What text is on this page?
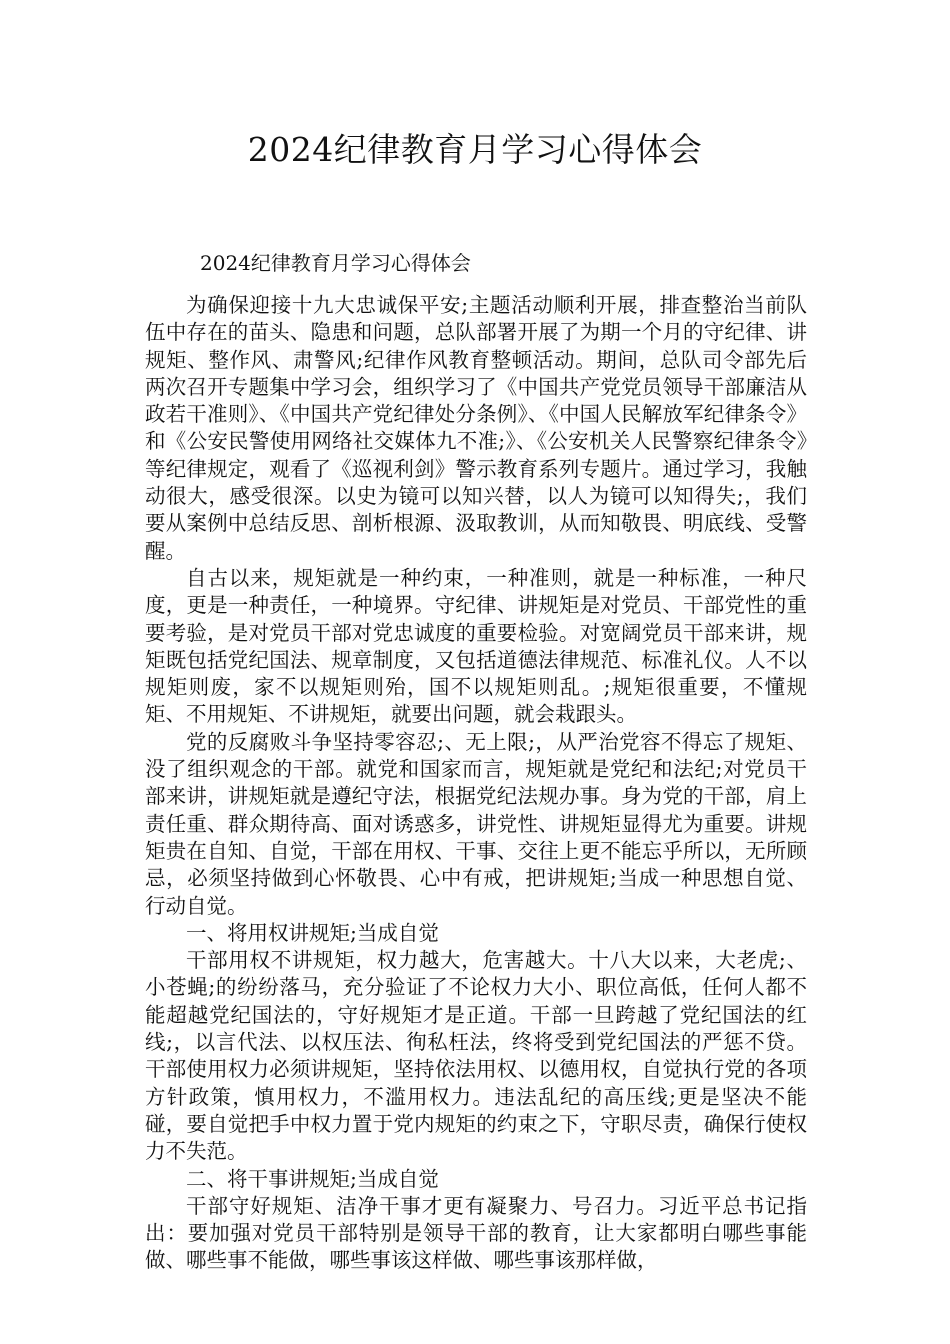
2024纪律教育月学习心得体会

2024纪律教育月学习心得体会

为确保迎接十九大忠诚保平安;主题活动顺利开展，排查整治当前队伍中存在的苗头、隐患和问题，总队部署开展了为期一个月的守纪律、讲规矩、整作风、肃警风;纪律作风教育整顿活动。期间，总队司令部先后两次召开专题集中学习会，组织学习了《中国共产党党员领导干部廉洁从政若干准则》、《中国共产党纪律处分条例》、《中国人民解放军纪律条令》和《公安民警使用网络社交媒体九不准;》、《公安机关人民警察纪律条令》等纪律规定，观看了《巡视利剑》警示教育系列专题片。通过学习，我触动很大，感受很深。以史为镜可以知兴替，以人为镜可以知得失;，我们要从案例中总结反思、剖析根源、汲取教训，从而知敬畏、明底线、受警醒。

自古以来，规矩就是一种约束，一种准则，就是一种标准，一种尺度，更是一种责任，一种境界。守纪律、讲规矩是对党员、干部党性的重要考验，是对党员干部对党忠诚度的重要检验。对宽阔党员干部来讲，规矩既包括党纪国法、规章制度，又包括道德法律规范、标准礼仪。人不以规矩则废，家不以规矩则殆，国不以规矩则乱。;规矩很重要，不懂规矩、不用规矩、不讲规矩，就要出问题，就会栽跟头。

党的反腐败斗争坚持零容忍;、无上限;，从严治党容不得忘了规矩、没了组织观念的干部。就党和国家而言，规矩就是党纪和法纪;对党员干部来讲，讲规矩就是遵纪守法，根据党纪法规办事。身为党的干部，肩上责任重、群众期待高、面对诱惑多，讲党性、讲规矩显得尤为重要。讲规矩贵在自知、自觉，干部在用权、干事、交往上更不能忘乎所以，无所顾忌，必须坚持做到心怀敬畏、心中有戒，把讲规矩;当成一种思想自觉、行动自觉。

一、将用权讲规矩;当成自觉

干部用权不讲规矩，权力越大，危害越大。十八大以来，大老虎;、小苍蝇;的纷纷落马，充分验证了不论权力大小、职位高低，任何人都不能超越党纪国法的，守好规矩才是正道。干部一旦跨越了党纪国法的红线;，以言代法、以权压法、徇私枉法，终将受到党纪国法的严惩不贷。干部使用权力必须讲规矩，坚持依法用权、以德用权，自觉执行党的各项方针政策，慎用权力，不滥用权力。违法乱纪的高压线;更是坚决不能碰，要自觉把手中权力置于党内规矩的约束之下，守职尽责，确保行使权力不失范。

二、将干事讲规矩;当成自觉

干部守好规矩、洁净干事才更有凝聚力、号召力。习近平总书记指出：要加强对党员干部特别是领导干部的教育，让大家都明白哪些事能做、哪些事不能做，哪些事该这样做、哪些事该那样做，
